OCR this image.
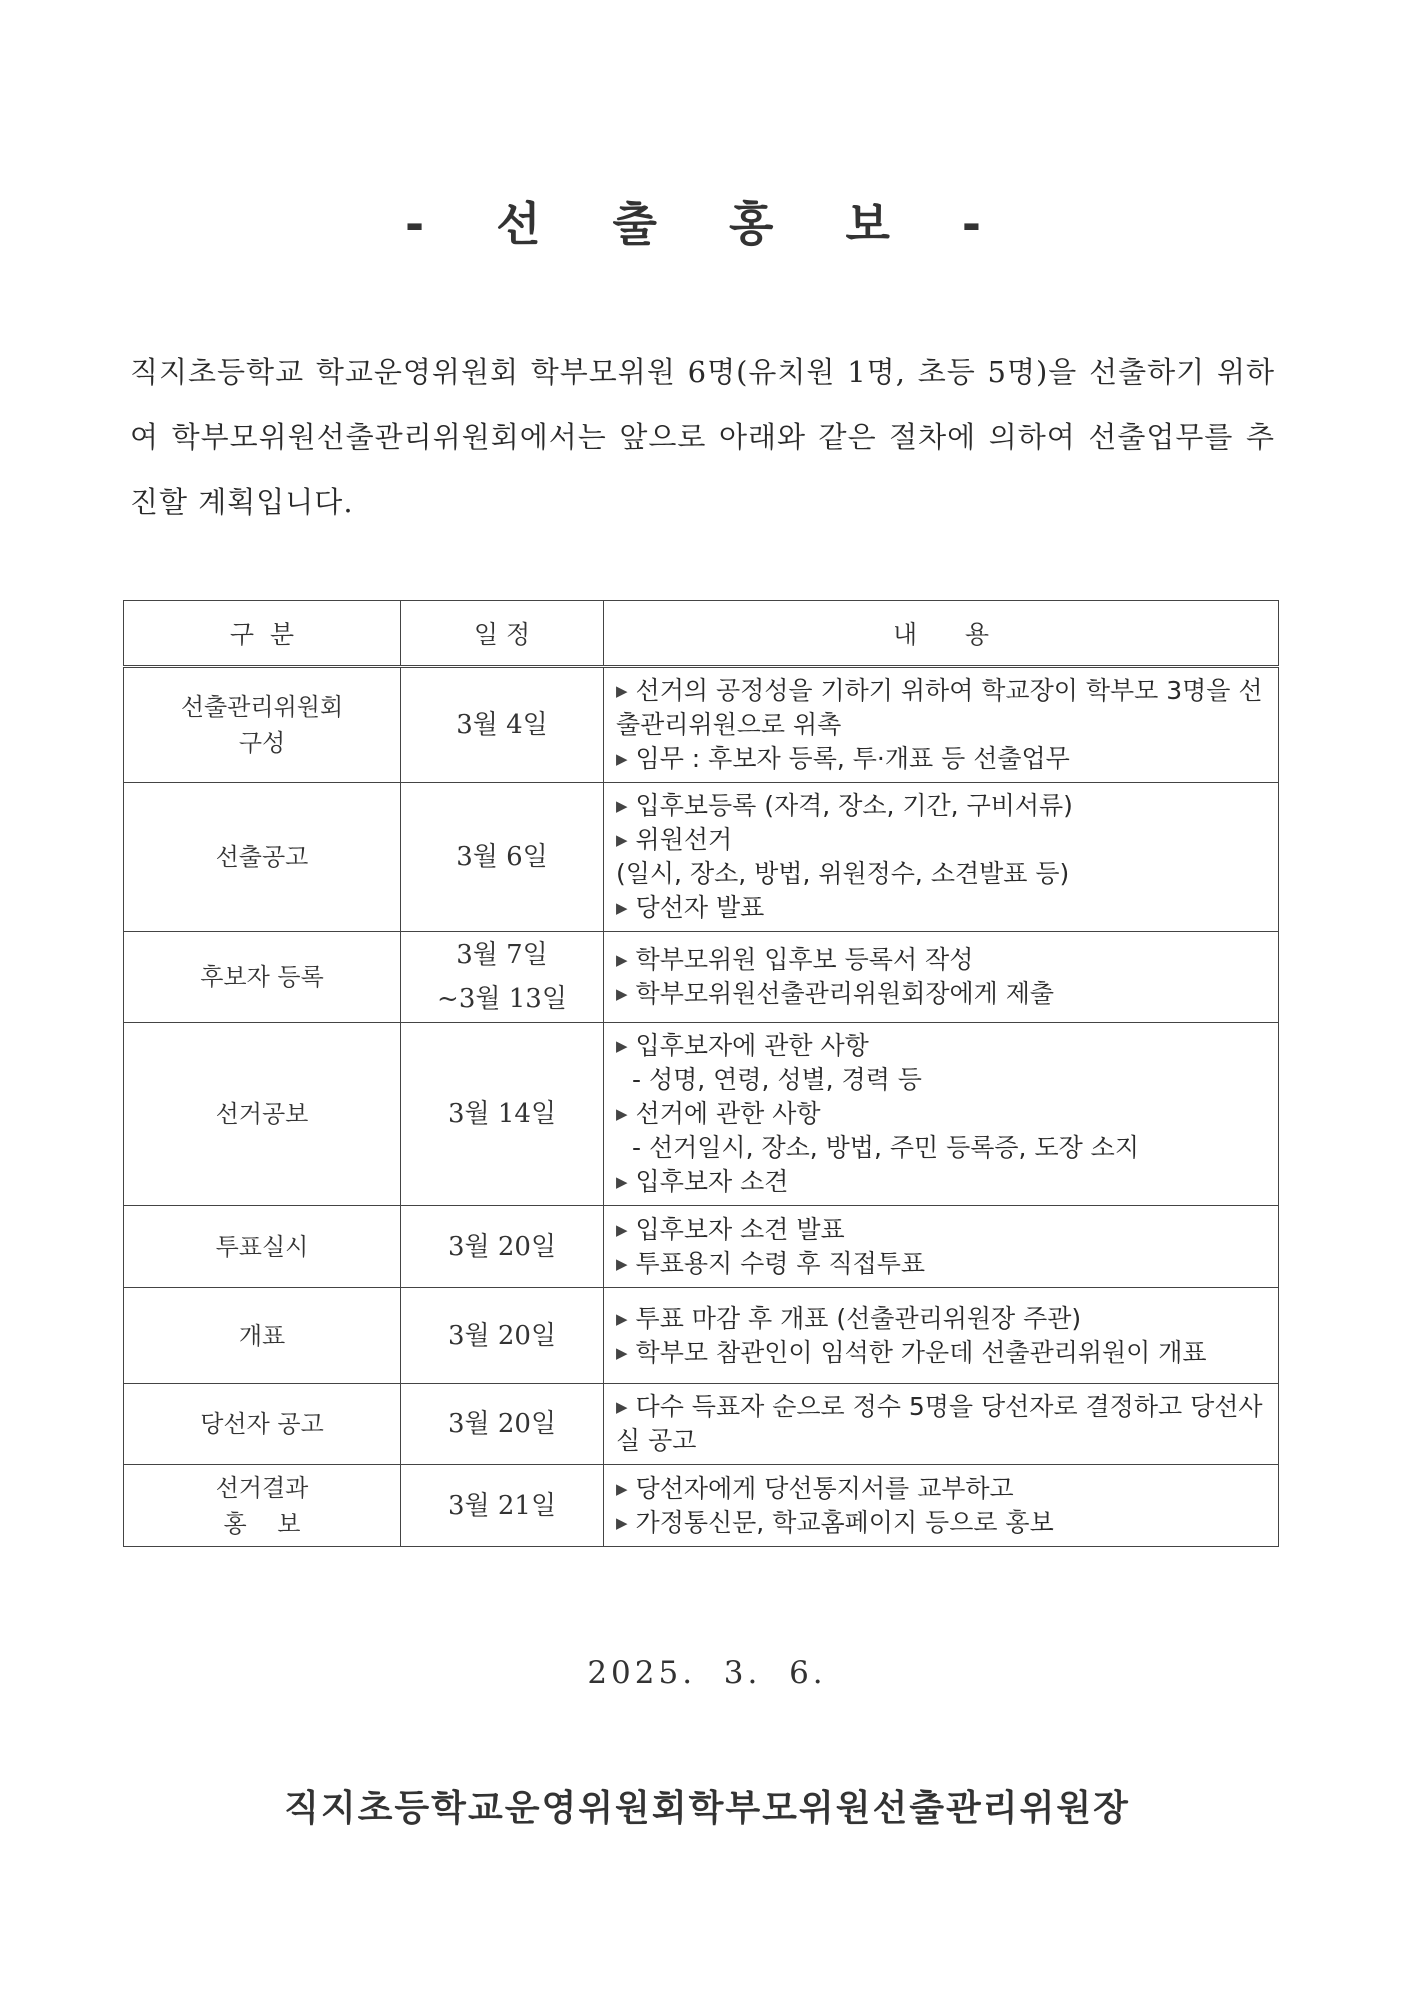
- 선 출 홍 보 -
직지초등학교 학교운영위원회 학부모위원 6명(유치원 1명, 초등 5명)을 선출하기 위하여 학부모위원선출관리위원회에서는 앞으로 아래와 같은 절차에 의하여 선출업무를 추진할 계획입니다.
구  분	일 정	내      용

선출관리위원회
구성	3월 4일	▶ 선거의 공정성을 기하기 위하여 학교장이 학부모 3명을 선출관리위원으로 위촉
▶ 임무 : 후보자 등록, 투·개표 등 선출업무

선출공고	3월 6일	▶ 입후보등록 (자격, 장소, 기간, 구비서류)
▶ 위원선거
(일시, 장소, 방법, 위원정수, 소견발표 등)
▶ 당선자 발표

후보자 등록	3월 7일
~3월 13일	▶ 학부모위원 입후보 등록서 작성
▶ 학부모위원선출관리위원회장에게 제출

선거공보	3월 14일	▶ 입후보자에 관한 사항
- 성명, 연령, 성별, 경력 등
▶ 선거에 관한 사항
- 선거일시, 장소, 방법, 주민 등록증, 도장 소지
▶ 입후보자 소견

투표실시	3월 20일	▶ 입후보자 소견 발표
▶ 투표용지 수령 후 직접투표

개표	3월 20일	▶ 투표 마감 후 개표 (선출관리위원장 주관)
▶ 학부모 참관인이 임석한 가운데 선출관리위원이 개표

당선자 공고	3월 20일	▶ 다수 득표자 순으로 정수 5명을 당선자로 결정하고 당선사실 공고

선거결과
홍    보	3월 21일	▶ 당선자에게 당선통지서를 교부하고
▶ 가정통신문, 학교홈페이지 등으로 홍보
2025.  3.  6.
직지초등학교운영위원회학부모위원선출관리위원장
